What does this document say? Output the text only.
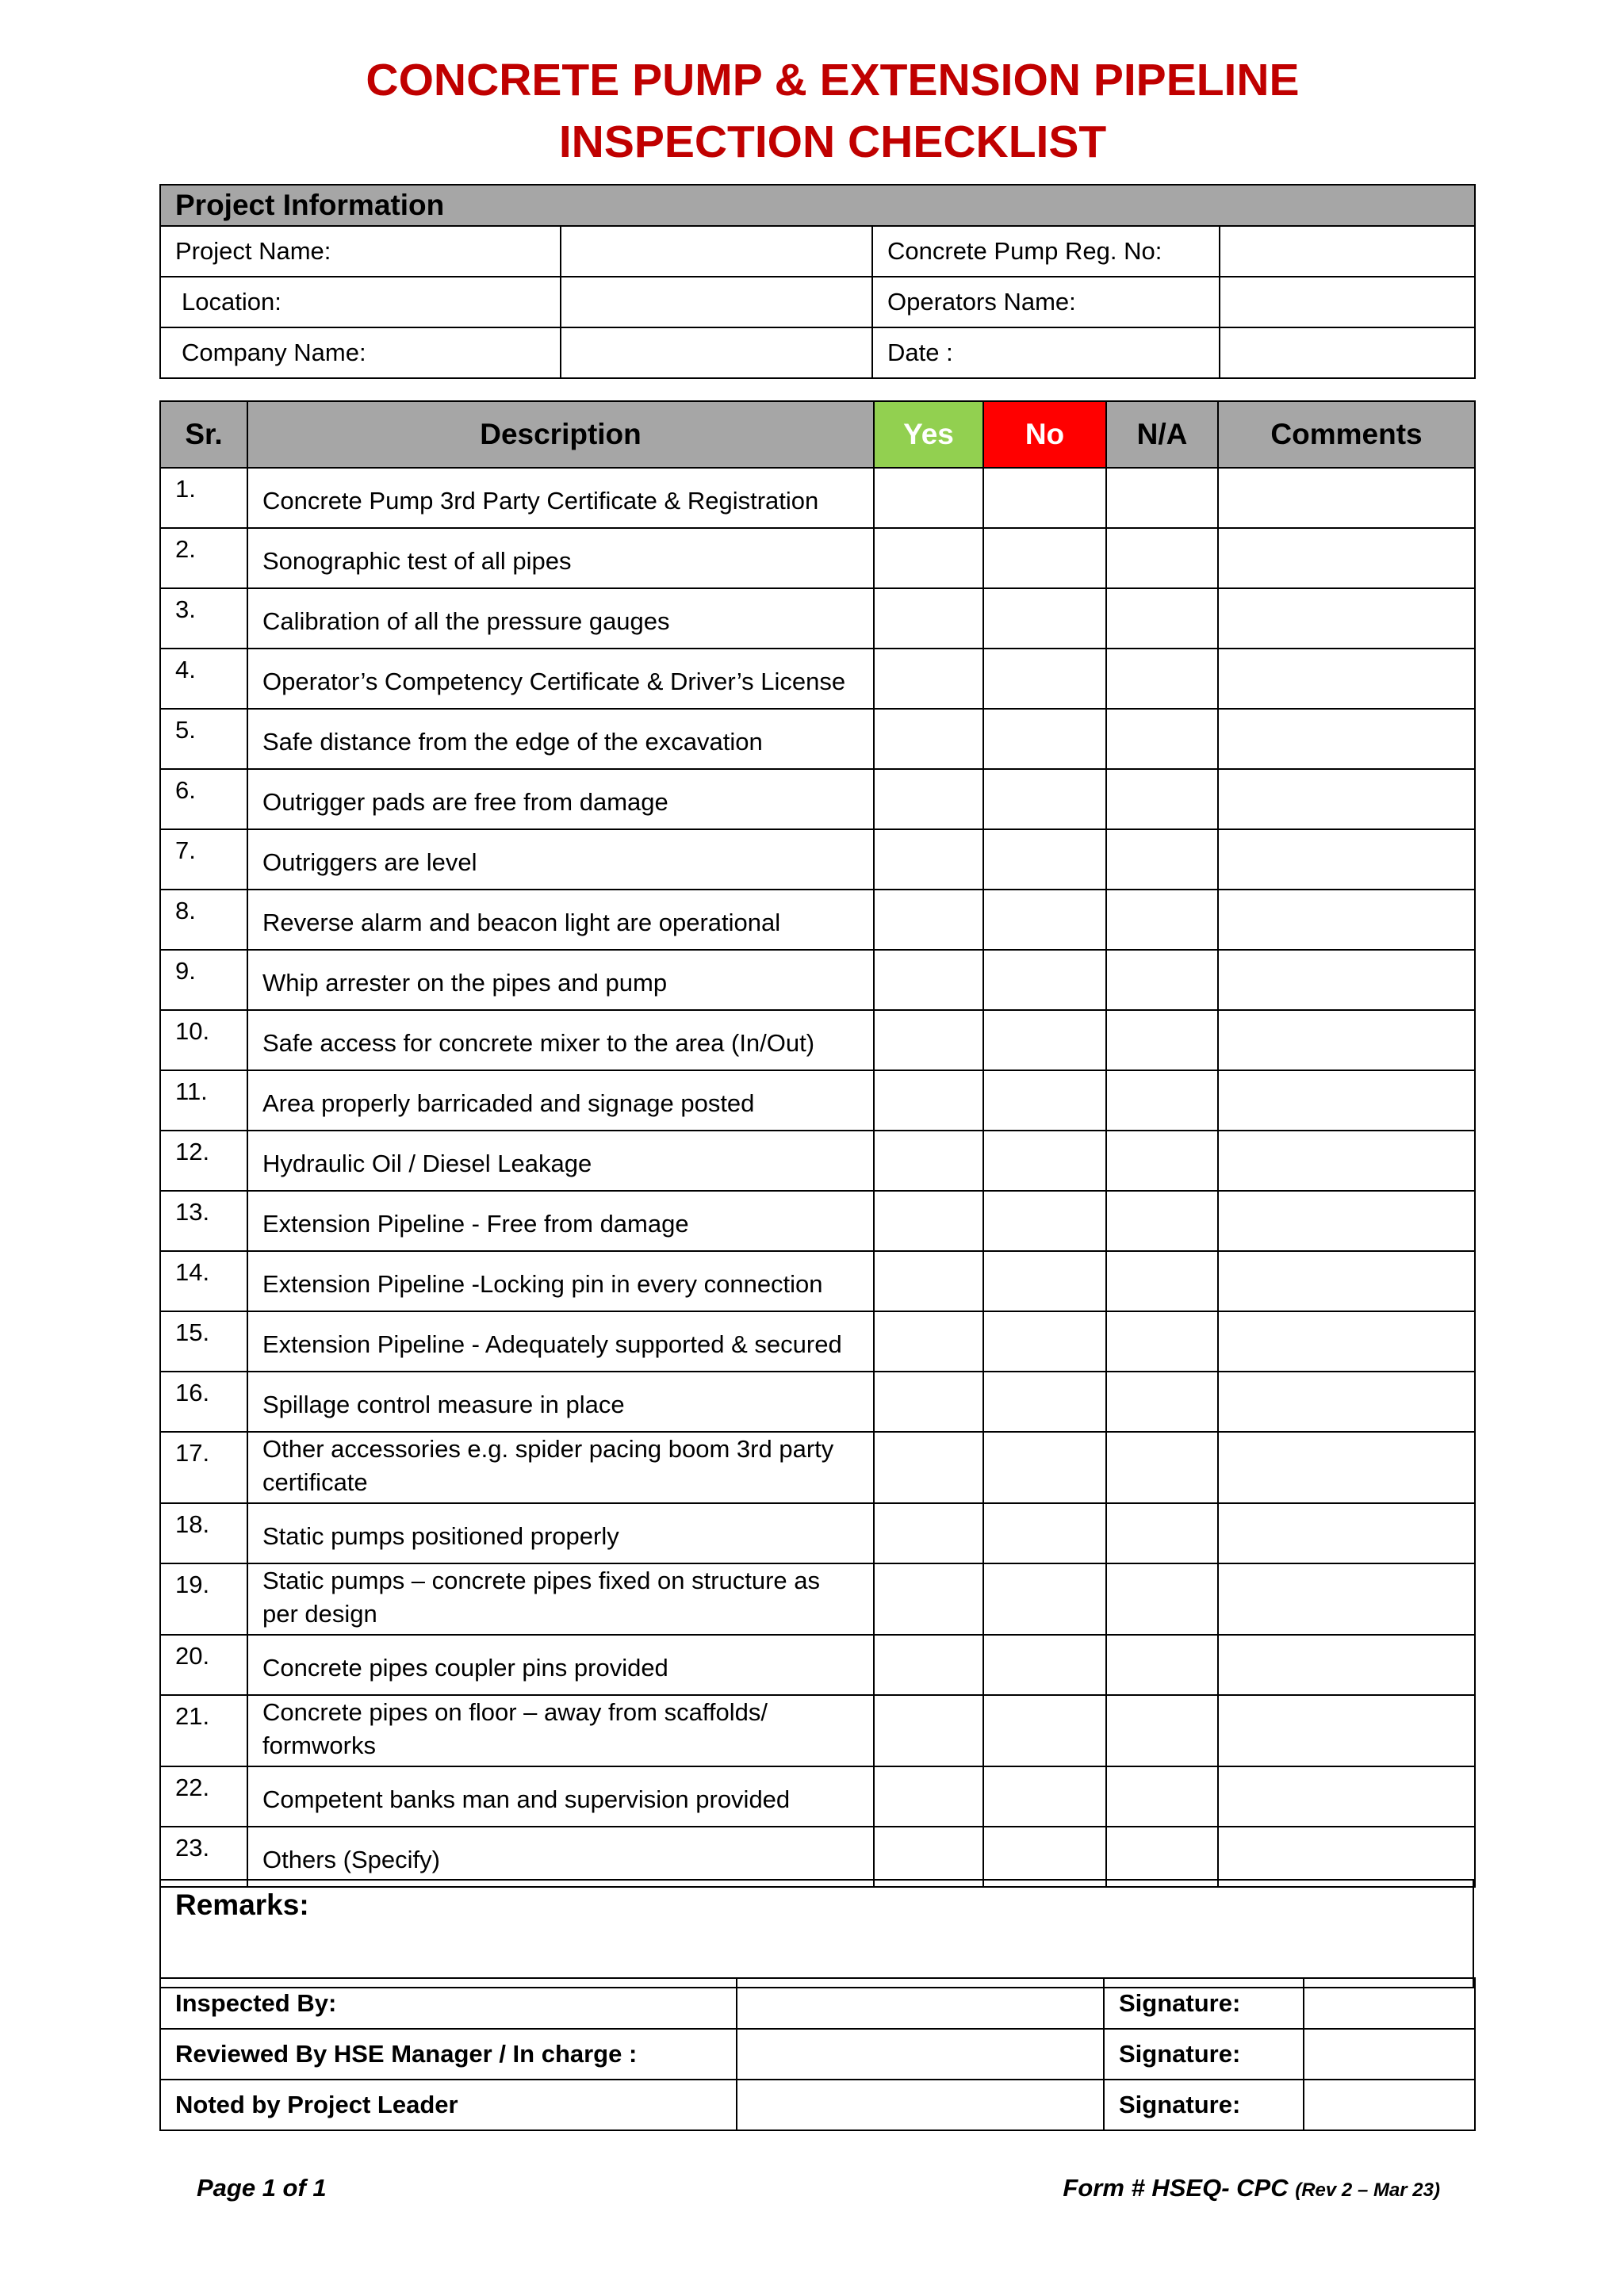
CONCRETE PUMP & EXTENSION PIPELINE
INSPECTION CHECKLIST
Project Information			
Project Name:		Concrete Pump Reg. No:	
Location:		Operators Name:	
Company Name:		Date :	
Sr.	Description	Yes	No	N/A	Comments
1.	Concrete Pump 3rd Party Certificate & Registration				
2.	Sonographic test of all pipes				
3.	Calibration of all the pressure gauges				
4.	Operator’s Competency Certificate & Driver’s License				
5.	Safe distance from the edge of the excavation				
6.	Outrigger pads are free from damage				
7.	Outriggers are level				
8.	Reverse alarm and beacon light are operational				
9.	Whip arrester on the pipes and pump				
10.	Safe access for concrete mixer to the area (In/Out)				
11.	Area properly barricaded and signage posted				
12.	Hydraulic Oil / Diesel Leakage				
13.	Extension Pipeline - Free from damage				
14.	Extension Pipeline -Locking pin in every connection				
15.	Extension Pipeline - Adequately supported & secured				
16.	Spillage control measure in place				
17.	Other accessories e.g. spider pacing boom 3rd party certificate				
18.	Static pumps positioned properly				
19.	Static pumps – concrete pipes fixed on structure as per design				
20.	Concrete pipes coupler pins provided				
21.	Concrete pipes on floor – away from scaffolds/ formworks				
22.	Competent banks man and supervision provided				
23.	Others (Specify)				
Remarks:
Inspected By:		Signature:	
Reviewed By HSE Manager / In charge :		Signature:	
Noted by Project Leader		Signature:	
Page 1 of 1	Form # HSEQ- CPC (Rev 2 – Mar 23)
